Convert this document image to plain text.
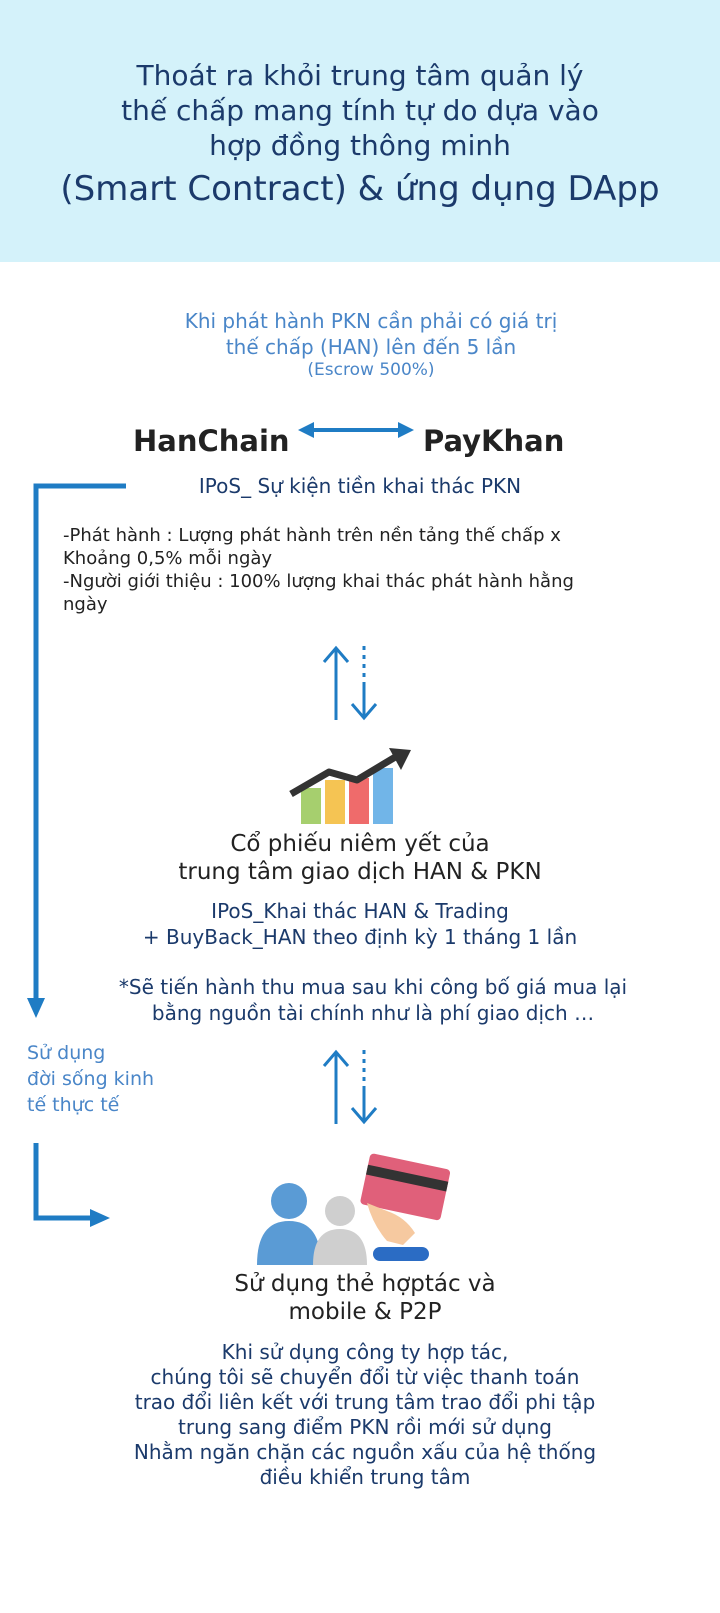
Thoát ra khỏi trung tâm quản lý
thế chấp mang tính tự do dựa vào
hợp đồng thông minh
(Smart Contract) & ứng dụng DApp
Khi phát hành PKN cần phải có giá trị
thế chấp (HAN) lên đến 5 lần
(Escrow 500%)
HanChain	PayKhan
IPoS_ Sự kiện tiền khai thác PKN
-Phát hành : Lượng phát hành trên nền tảng thế chấp x
Khoảng 0,5% mỗi ngày
-Người giới thiệu : 100% lượng khai thác phát hành hằng
ngày
Cổ phiếu niêm yết của
trung tâm giao dịch HAN & PKN
IPoS_Khai thác HAN & Trading
+ BuyBack_HAN theo định kỳ 1 tháng 1 lần
*Sẽ tiến hành thu mua sau khi công bố giá mua lại
bằng nguồn tài chính như là phí giao dịch …
Sử dụng
đời sống kinh
tế thực tế
Sử dụng thẻ hợptác và
mobile & P2P
Khi sử dụng công ty hợp tác,
chúng tôi sẽ chuyển đổi từ việc thanh toán
trao đổi liên kết với trung tâm trao đổi phi tập
trung sang điểm PKN rồi mới sử dụng
Nhằm ngăn chặn các nguồn xấu của hệ thống
điều khiển trung tâm
